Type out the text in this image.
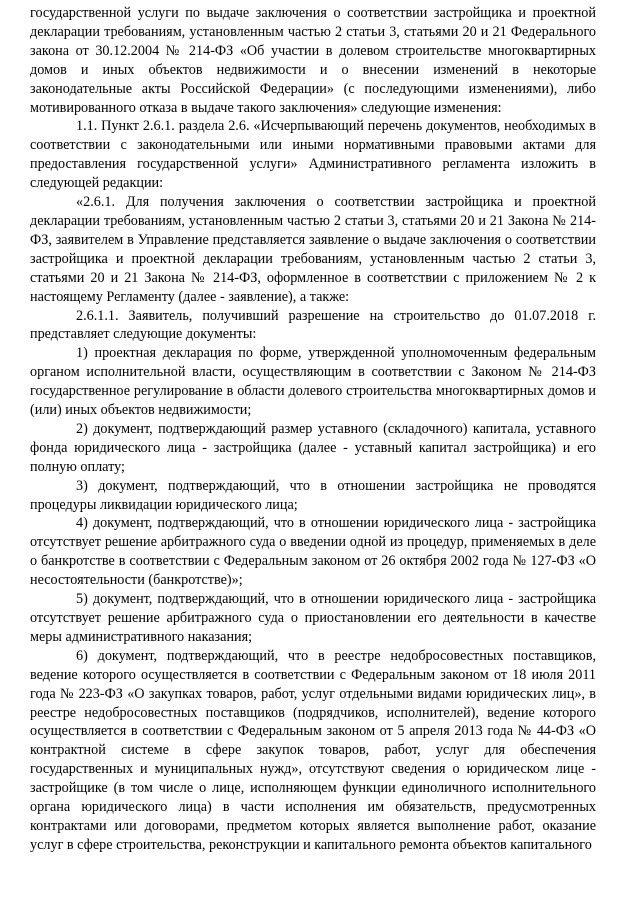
государственной услуги по выдаче заключения о соответствии застройщика и проектной декларации требованиям, установленным частью 2 статьи 3, статьями 20 и 21 Федерального закона от 30.12.2004 № 214-ФЗ «Об участии в долевом строительстве многоквартирных домов и иных объектов недвижимости и о внесении изменений в некоторые законодательные акты Российской Федерации» (с последующими изменениями), либо мотивированного отказа в выдаче такого заключения» следующие изменения:

1.1. Пункт 2.6.1. раздела 2.6. «Исчерпывающий перечень документов, необходимых в соответствии с законодательными или иными нормативными правовыми актами для предоставления государственной услуги» Административного регламента изложить в следующей редакции:

«2.6.1. Для получения заключения о соответствии застройщика и проектной декларации требованиям, установленным частью 2 статьи 3, статьями 20 и 21 Закона № 214-ФЗ, заявителем в Управление представляется заявление о выдаче заключения о соответствии застройщика и проектной декларации требованиям, установленным частью 2 статьи 3, статьями 20 и 21 Закона № 214-ФЗ, оформленное в соответствии с приложением № 2 к настоящему Регламенту (далее - заявление), а также:

2.6.1.1. Заявитель, получивший разрешение на строительство до 01.07.2018 г. представляет следующие документы:

1) проектная декларация по форме, утвержденной уполномоченным федеральным органом исполнительной власти, осуществляющим в соответствии с Законом № 214-ФЗ государственное регулирование в области долевого строительства многоквартирных домов и (или) иных объектов недвижимости;

2) документ, подтверждающий размер уставного (складочного) капитала, уставного фонда юридического лица - застройщика (далее - уставный капитал застройщика) и его полную оплату;

3) документ, подтверждающий, что в отношении застройщика не проводятся процедуры ликвидации юридического лица;

4) документ, подтверждающий, что в отношении юридического лица - застройщика отсутствует решение арбитражного суда о введении одной из процедур, применяемых в деле о банкротстве в соответствии с Федеральным законом от 26 октября 2002 года № 127-ФЗ «О несостоятельности (банкротстве)»;

5) документ, подтверждающий, что в отношении юридического лица - застройщика отсутствует решение арбитражного суда о приостановлении его деятельности в качестве меры административного наказания;

6) документ, подтверждающий, что в реестре недобросовестных поставщиков, ведение которого осуществляется в соответствии с Федеральным законом от 18 июля 2011 года № 223-ФЗ «О закупках товаров, работ, услуг отдельными видами юридических лиц», в реестре недобросовестных поставщиков (подрядчиков, исполнителей), ведение которого осуществляется в соответствии с Федеральным законом от 5 апреля 2013 года № 44-ФЗ «О контрактной системе в сфере закупок товаров, работ, услуг для обеспечения государственных и муниципальных нужд», отсутствуют сведения о юридическом лице - застройщике (в том числе о лице, исполняющем функции единоличного исполнительного органа юридического лица) в части исполнения им обязательств, предусмотренных контрактами или договорами, предметом которых является выполнение работ, оказание услуг в сфере строительства, реконструкции и капитального ремонта объектов капитального
